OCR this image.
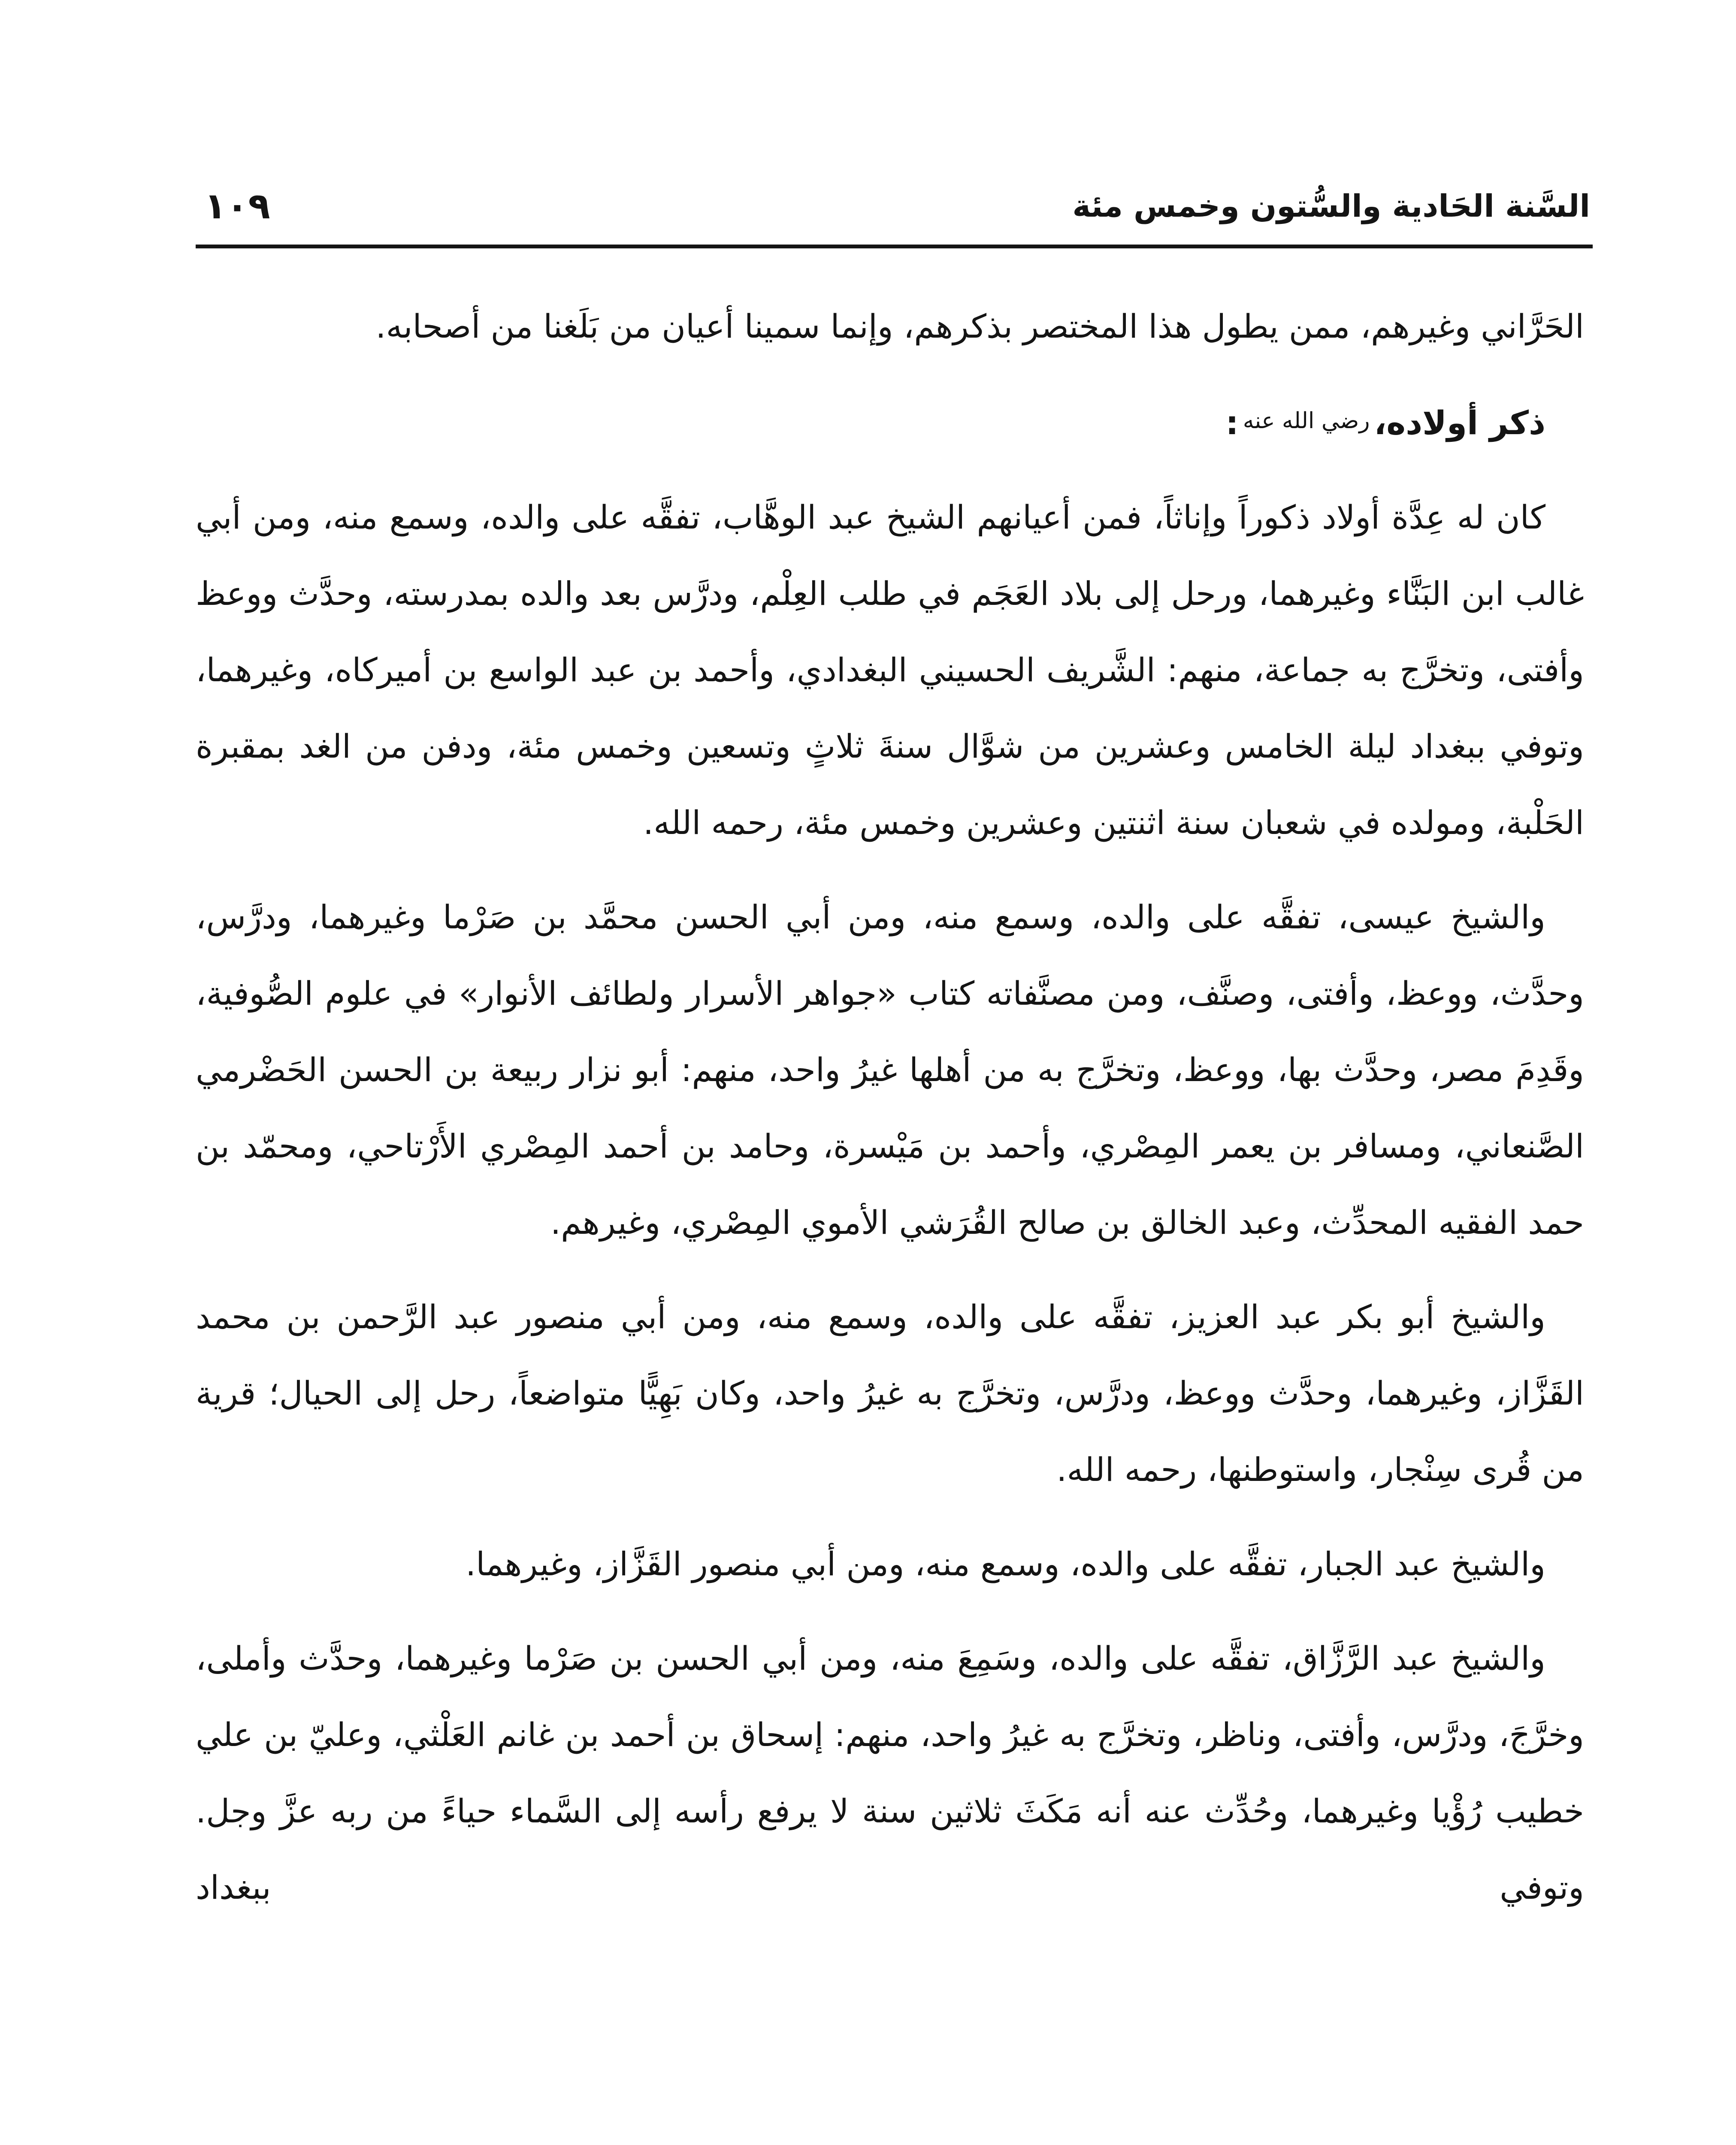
السَّنة الحَادية والسُّتون وخمس مئة
١٠٩

الحَرَّاني وغيرهم، ممن يطول هذا المختصر بذكرهم، وإنما سمينا أعيان من بَلَغنا من أصحابه.

ذكر أولاده،رضي الله عنه:

كان له عِدَّة أولاد ذكوراً وإناثاً، فمن أعيانهم الشيخ عبد الوهَّاب، تفقَّه على والده، وسمع منه، ومن أبي غالب ابن البَنَّاء وغيرهما، ورحل إلى بلاد العَجَم في طلب العِلْم، ودرَّس بعد والده بمدرسته، وحدَّث ووعظ وأفتى، وتخرَّج به جماعة، منهم: الشَّريف الحسيني البغدادي، وأحمد بن عبد الواسع بن أميركاه، وغيرهما، وتوفي ببغداد ليلة الخامس وعشرين من شوَّال سنةَ ثلاثٍ وتسعين وخمس مئة، ودفن من الغد بمقبرة الحَلْبة، ومولده في شعبان سنة اثنتين وعشرين وخمس مئة، رحمه الله.

والشيخ عيسى، تفقَّه على والده، وسمع منه، ومن أبي الحسن محمَّد بن صَرْما وغيرهما، ودرَّس، وحدَّث، ووعظ، وأفتى، وصنَّف، ومن مصنَّفاته كتاب «جواهر الأسرار ولطائف الأنوار» في علوم الصُّوفية، وقَدِمَ مصر، وحدَّث بها، ووعظ، وتخرَّج به من أهلها غيرُ واحد، منهم: أبو نزار ربيعة بن الحسن الحَضْرمي الصَّنعاني، ومسافر بن يعمر المِصْري، وأحمد بن مَيْسرة، وحامد بن أحمد المِصْري الأَرْتاحي، ومحمّد بن حمد الفقيه المحدِّث، وعبد الخالق بن صالح القُرَشي الأموي المِصْري، وغيرهم.

والشيخ أبو بكر عبد العزيز، تفقَّه على والده، وسمع منه، ومن أبي منصور عبد الرَّحمن بن محمد القَزَّاز، وغيرهما، وحدَّث ووعظ، ودرَّس، وتخرَّج به غيرُ واحد، وكان بَهِيًّا متواضعاً، رحل إلى الحيال؛ قرية من قُرى سِنْجار، واستوطنها، رحمه الله.

والشيخ عبد الجبار، تفقَّه على والده، وسمع منه، ومن أبي منصور القَزَّاز، وغيرهما.

والشيخ عبد الرَّزَّاق، تفقَّه على والده، وسَمِعَ منه، ومن أبي الحسن بن صَرْما وغيرهما، وحدَّث وأملى، وخرَّجَ، ودرَّس، وأفتى، وناظر، وتخرَّج به غيرُ واحد، منهم: إسحاق بن أحمد بن غانم العَلْثي، وعليّ بن علي خطيب رُؤْيا وغيرهما، وحُدِّث عنه أنه مَكَثَ ثلاثين سنة لا يرفع رأسه إلى السَّماء حياءً من ربه عزَّ وجل. وتوفي ببغداد
